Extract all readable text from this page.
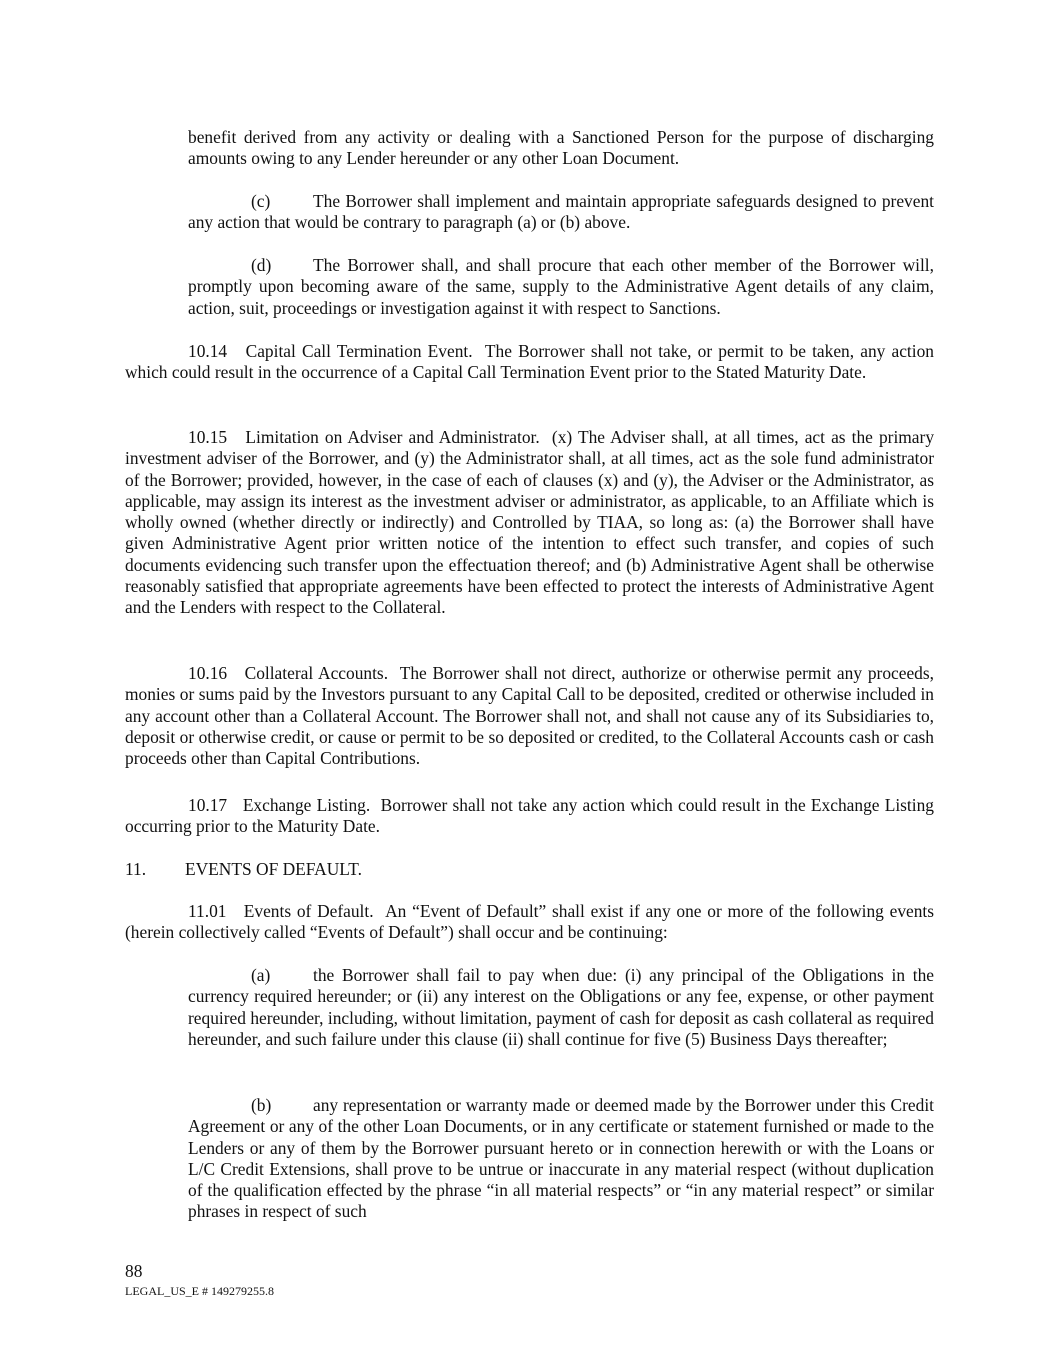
benefit derived from any activity or dealing with a Sanctioned Person for the purpose of discharging amounts owing to any Lender hereunder or any other Loan Document.

(c) The Borrower shall implement and maintain appropriate safeguards designed to prevent any action that would be contrary to paragraph (a) or (b) above.

(d) The Borrower shall, and shall procure that each other member of the Borrower will, promptly upon becoming aware of the same, supply to the Administrative Agent details of any claim, action, suit, proceedings or investigation against it with respect to Sanctions.

10.14 Capital Call Termination Event. The Borrower shall not take, or permit to be taken, any action which could result in the occurrence of a Capital Call Termination Event prior to the Stated Maturity Date.

10.15 Limitation on Adviser and Administrator. (x) The Adviser shall, at all times, act as the primary investment adviser of the Borrower, and (y) the Administrator shall, at all times, act as the sole fund administrator of the Borrower; provided, however, in the case of each of clauses (x) and (y), the Adviser or the Administrator, as applicable, may assign its interest as the investment adviser or administrator, as applicable, to an Affiliate which is wholly owned (whether directly or indirectly) and Controlled by TIAA, so long as: (a) the Borrower shall have given Administrative Agent prior written notice of the intention to effect such transfer, and copies of such documents evidencing such transfer upon the effectuation thereof; and (b) Administrative Agent shall be otherwise reasonably satisfied that appropriate agreements have been effected to protect the interests of Administrative Agent and the Lenders with respect to the Collateral.

10.16 Collateral Accounts. The Borrower shall not direct, authorize or otherwise permit any proceeds, monies or sums paid by the Investors pursuant to any Capital Call to be deposited, credited or otherwise included in any account other than a Collateral Account. The Borrower shall not, and shall not cause any of its Subsidiaries to, deposit or otherwise credit, or cause or permit to be so deposited or credited, to the Collateral Accounts cash or cash proceeds other than Capital Contributions.

10.17 Exchange Listing. Borrower shall not take any action which could result in the Exchange Listing occurring prior to the Maturity Date.

11. EVENTS OF DEFAULT.

11.01 Events of Default. An “Event of Default” shall exist if any one or more of the following events (herein collectively called “Events of Default”) shall occur and be continuing:

(a) the Borrower shall fail to pay when due: (i) any principal of the Obligations in the currency required hereunder; or (ii) any interest on the Obligations or any fee, expense, or other payment required hereunder, including, without limitation, payment of cash for deposit as cash collateral as required hereunder, and such failure under this clause (ii) shall continue for five (5) Business Days thereafter;

(b) any representation or warranty made or deemed made by the Borrower under this Credit Agreement or any of the other Loan Documents, or in any certificate or statement furnished or made to the Lenders or any of them by the Borrower pursuant hereto or in connection herewith or with the Loans or L/C Credit Extensions, shall prove to be untrue or inaccurate in any material respect (without duplication of the qualification effected by the phrase “in all material respects” or “in any material respect” or similar phrases in respect of such

88
LEGAL_US_E # 149279255.8
